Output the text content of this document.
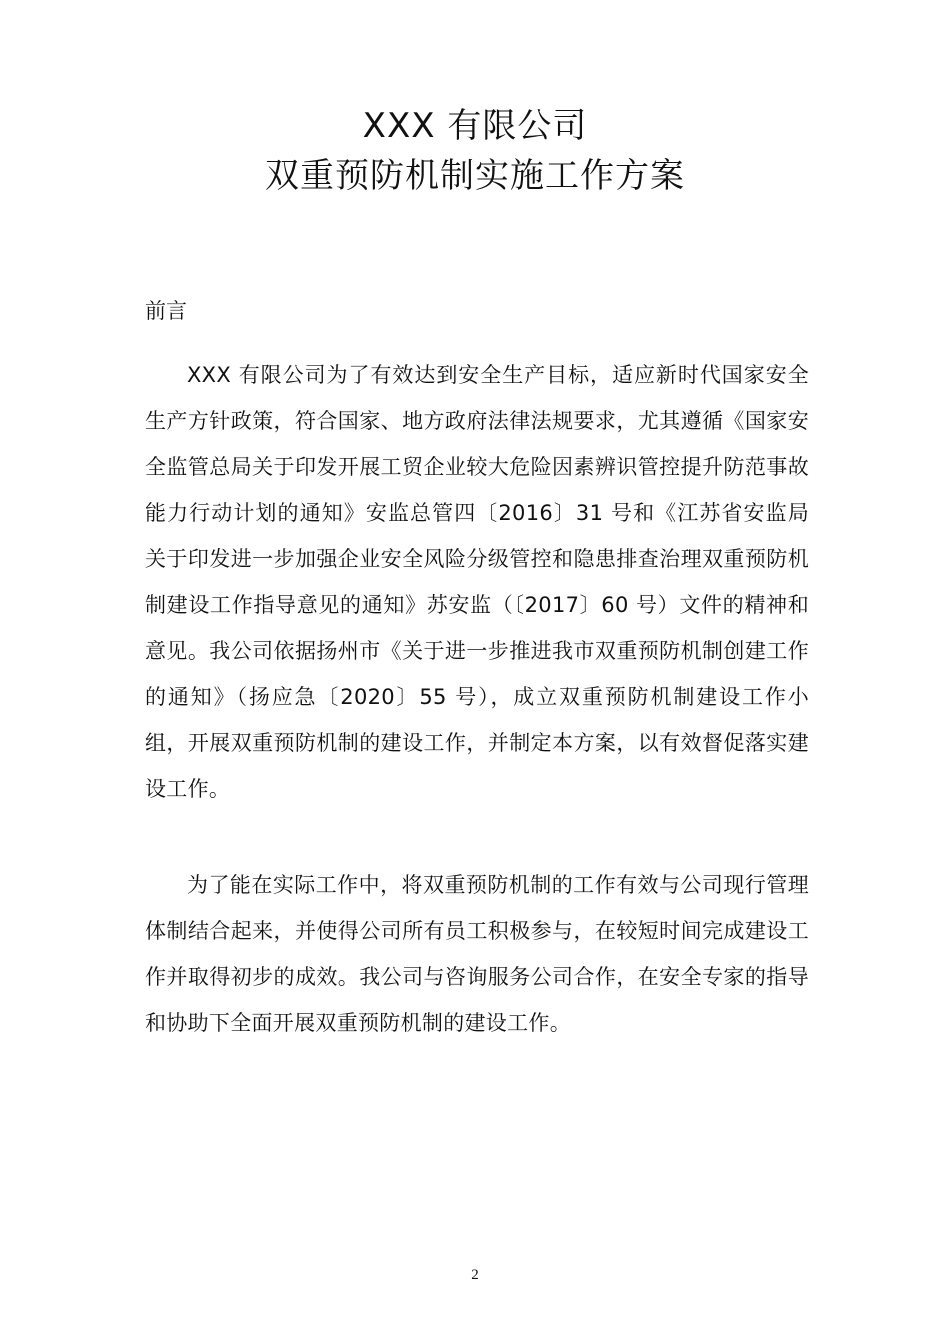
XXX 有限公司
双重预防机制实施工作方案
前言

XXX 有限公司为了有效达到安全生产目标，适应新时代国家安全生产方针政策，符合国家、地方政府法律法规要求，尤其遵循《国家安全监管总局关于印发开展工贸企业较大危险因素辨识管控提升防范事故能力行动计划的通知》安监总管四〔2016〕31 号和《江苏省安监局关于印发进一步加强企业安全风险分级管控和隐患排查治理双重预防机制建设工作指导意见的通知》苏安监（〔2017〕60 号）文件的精神和意见。我公司依据扬州市《关于进一步推进我市双重预防机制创建工作的通知》（扬应急〔2020〕55 号），成立双重预防机制建设工作小组，开展双重预防机制的建设工作，并制定本方案，以有效督促落实建设工作。

为了能在实际工作中，将双重预防机制的工作有效与公司现行管理体制结合起来，并使得公司所有员工积极参与，在较短时间完成建设工作并取得初步的成效。我公司与咨询服务公司合作，在安全专家的指导和协助下全面开展双重预防机制的建设工作。

2
